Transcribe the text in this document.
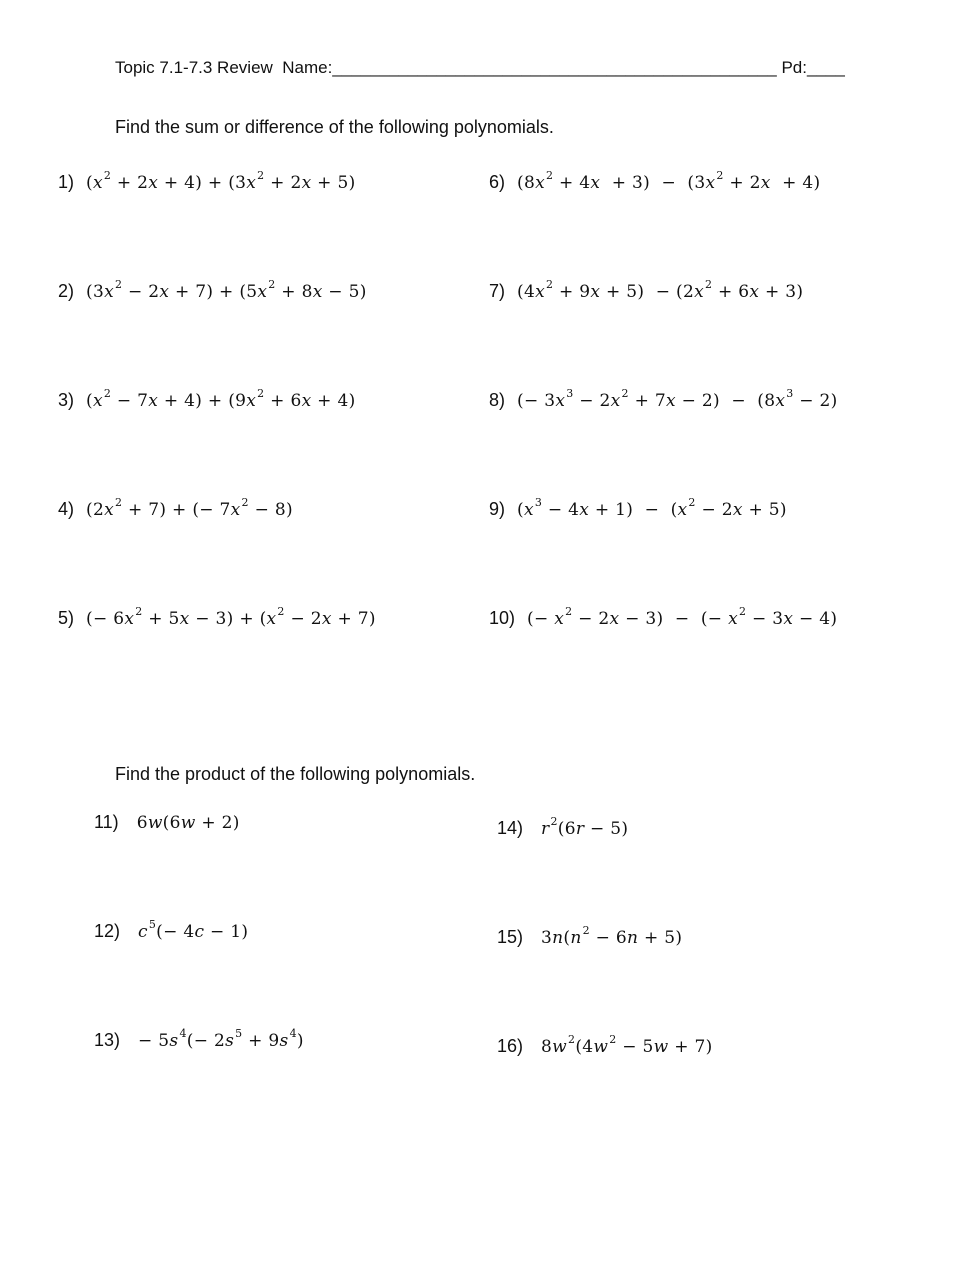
Topic 7.1-7.3 Review Name:_______________________________________________ Pd:____
Find the sum or difference of the following polynomials.
1) $(x^2 + 2x + 4) + (3x^2 + 2x + 5)$
2) $(3x^2 - 2x + 7) + (5x^2 + 8x - 5)$
3) $(x^2 - 7x + 4) + (9x^2 + 6x + 4)$
4) $(2x^2 + 7)$ + (− $7x^2 - 8$)
5) (− $6x^2 + 5x - 3) + (x^2 - 2x + 7)$
6) $(8x^2 + 4x + 3) - (3x^2 + 2x + 4)$
7) $(4x^2 + 9x + 5) - (2x^2 + 6x + 3)$
8) (− $3x^3 - 2x^2 + 7x - 2) - (8x^3 - 2)$
9) $(x^3 - 4x + 1) - (x^2 - 2x + 5)$
10) (− $x^2 - 2x - 3$) − (− $x^2 - 3x - 4$)
Find the product of the following polynomials.
11) 6w(6w + 2)
12) $c^5(- 4c - 1)$
$13) - 5s^4(- 2s^5 + 9s^4)$
14) $r^2(6r - 5)$
15) $3n(n^2 - 6n + 5)$
16) $8w^2(4w^2 - 5w + 7)$
